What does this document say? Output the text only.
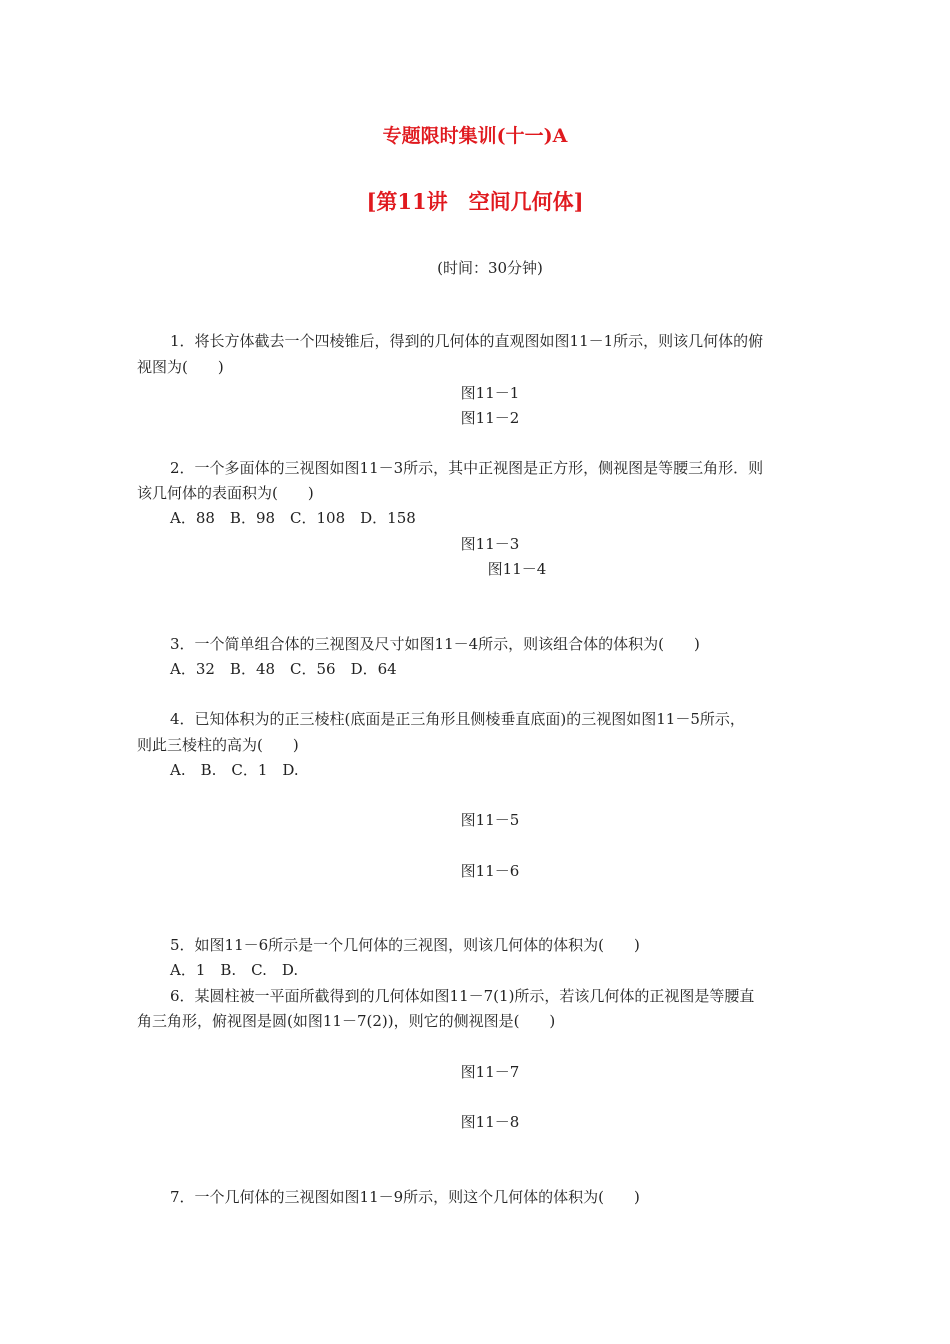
专题限时集训(十一)A
[第11讲　空间几何体]
(时间：30分钟)
1．将长方体截去一个四棱锥后，得到的几何体的直观图如图11－1所示，则该几何体的俯
视图为(　　)
图11－1
图11－2
2．一个多面体的三视图如图11－3所示，其中正视图是正方形，侧视图是等腰三角形．则
该几何体的表面积为(　　)
A．88　B．98　C．108　D．158
图11－3
图11－4
3．一个简单组合体的三视图及尺寸如图11－4所示，则该组合体的体积为(　　)
A．32　B．48　C．56　D．64
4．已知体积为的正三棱柱(底面是正三角形且侧棱垂直底面)的三视图如图11－5所示，
则此三棱柱的高为(　　)
A.　B.　C．1　D.
图11－5
图11－6
5．如图11－6所示是一个几何体的三视图，则该几何体的体积为(　　)
A．1　B.　C.　D.
6．某圆柱被一平面所截得到的几何体如图11－7(1)所示，若该几何体的正视图是等腰直
角三角形，俯视图是圆(如图11－7(2))，则它的侧视图是(　　)
图11－7
图11－8
7．一个几何体的三视图如图11－9所示，则这个几何体的体积为(　　)
